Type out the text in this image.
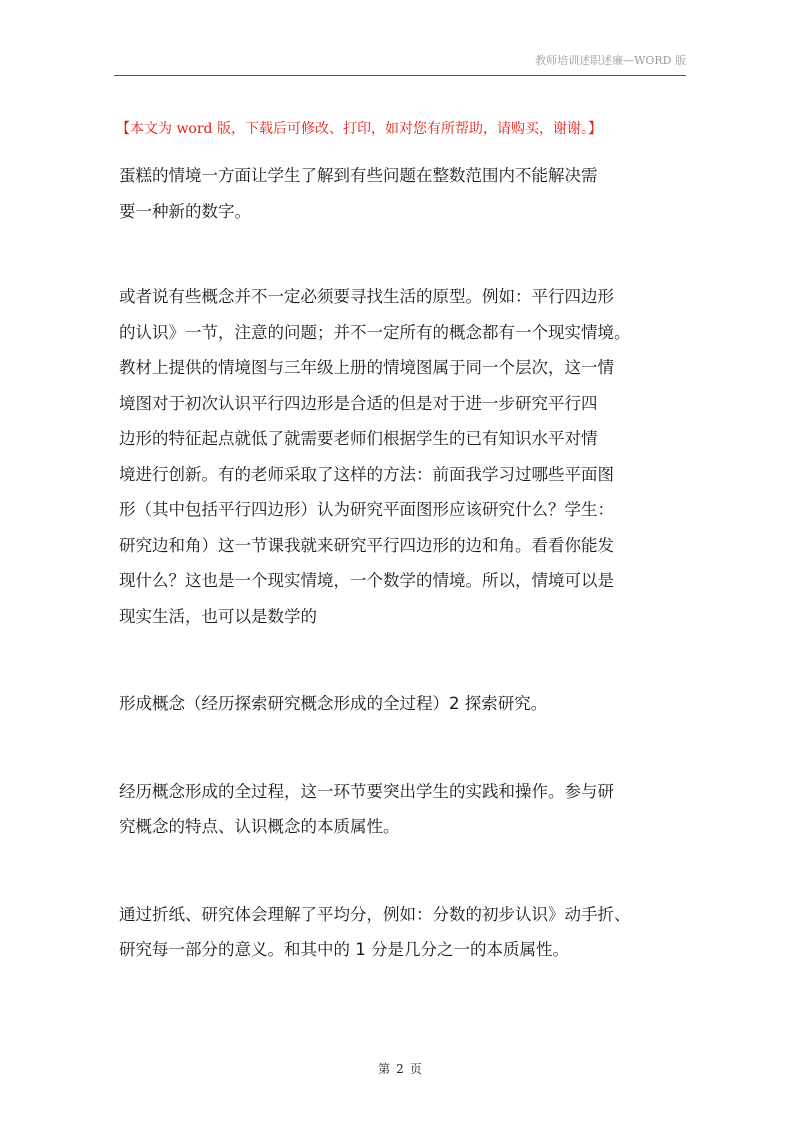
教师培训述职述廉—WORD 版
【本文为 word 版，下载后可修改、打印，如对您有所帮助，请购买，谢谢。】

蛋糕的情境一方面让学生了解到有些问题在整数范围内不能解决需

要一种新的数字。

或者说有些概念并不一定必须要寻找生活的原型。例如：平行四边形

的认识》一节，注意的问题；并不一定所有的概念都有一个现实情境。

教材上提供的情境图与三年级上册的情境图属于同一个层次，这一情

境图对于初次认识平行四边形是合适的但是对于进一步研究平行四

边形的特征起点就低了就需要老师们根据学生的已有知识水平对情

境进行创新。有的老师采取了这样的方法：前面我学习过哪些平面图

形（其中包括平行四边形）认为研究平面图形应该研究什么？学生：

研究边和角）这一节课我就来研究平行四边形的边和角。看看你能发

现什么？这也是一个现实情境，一个数学的情境。所以，情境可以是

现实生活，也可以是数学的

形成概念（经历探索研究概念形成的全过程）2 探索研究。

经历概念形成的全过程，这一环节要突出学生的实践和操作。参与研

究概念的特点、认识概念的本质属性。

通过折纸、研究体会理解了平均分，例如：分数的初步认识》动手折、

研究每一部分的意义。和其中的 1 分是几分之一的本质属性。

第 2 页
